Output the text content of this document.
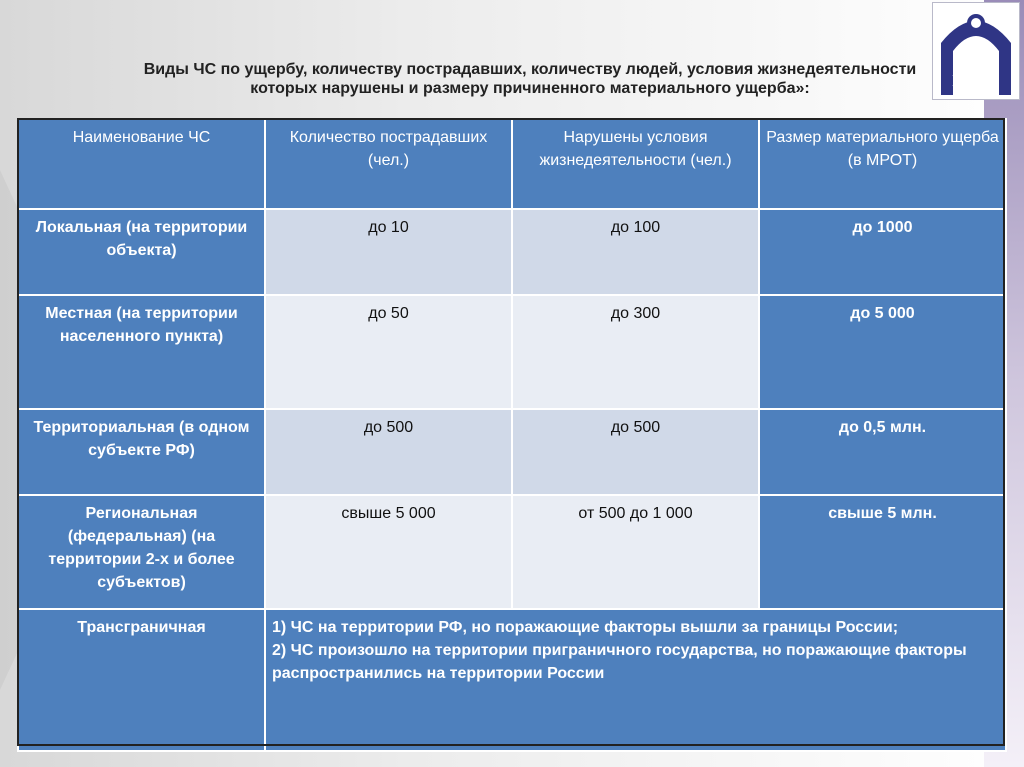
ЕКТС
Виды ЧС по ущербу, количеству пострадавших, количеству людей, условия жизнедеятельности которых нарушены и размеру причиненного материального ущерба»:
Наименование ЧС	Количество пострадавших (чел.)	Нарушены условия жизнедеятельности (чел.)	Размер материального ущерба (в МРОТ)
Локальная (на территории объекта)	до 10	до 100	до 1000
Местная (на территории населенного пункта)	до 50	до 300	до 5 000
Территориальная (в одном субъекте РФ)	до 500	до 500	до 0,5 млн.
Региональная (федеральная) (на территории 2-х и более субъектов)	свыше 5 000	от 500 до 1 000	свыше 5 млн.
Трансграничная	1) ЧС на территории РФ, но поражающие факторы вышли за границы России;
2) ЧС произошло на территории приграничного государства, но поражающие факторы распространились на территории России		
